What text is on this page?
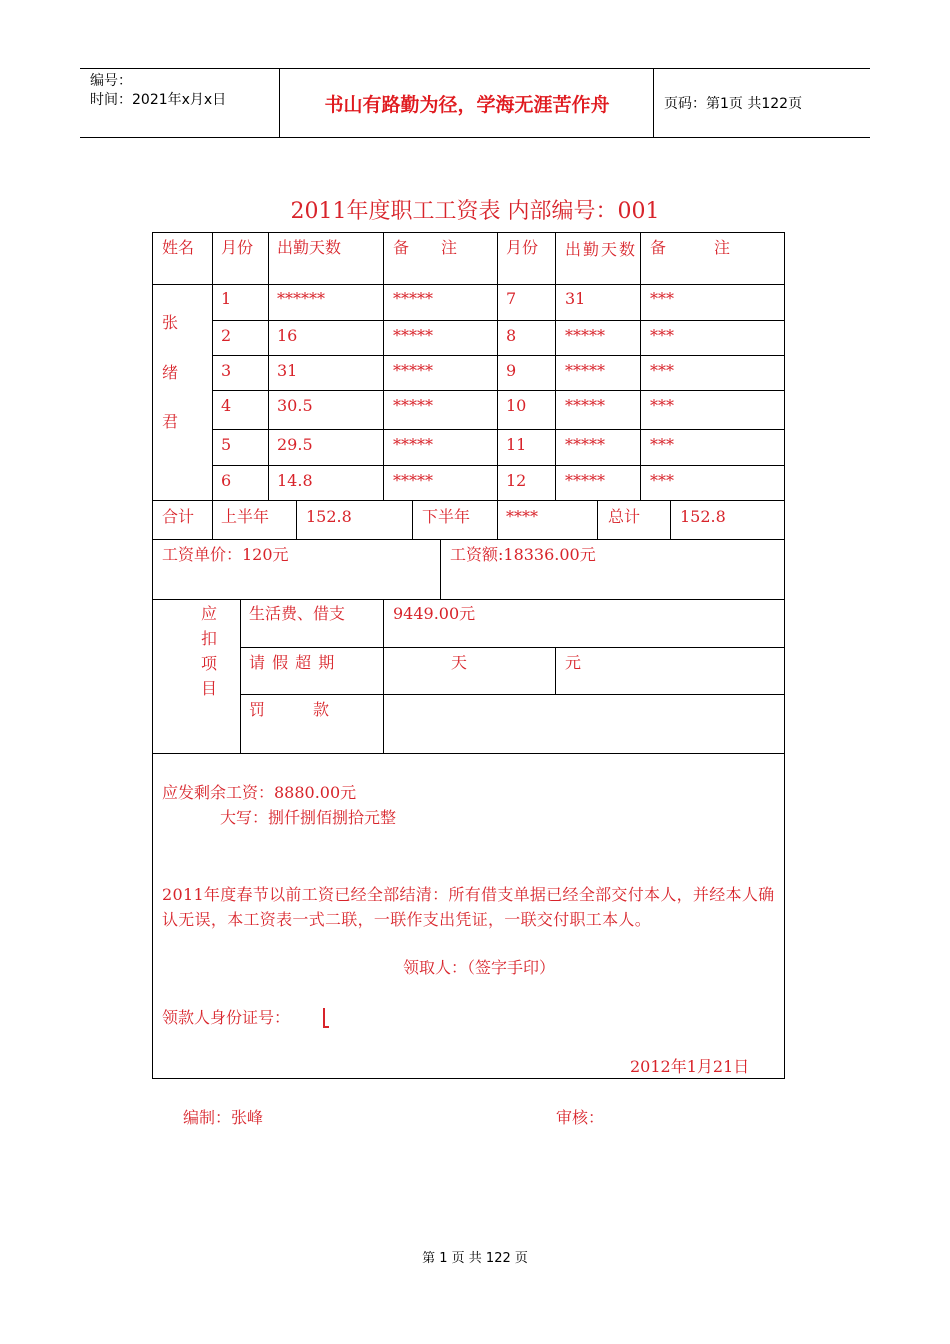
编号：
时间：2021年x月x日	书山有路勤为径，学海无涯苦作舟	页码：第1页 共122页
2011年度职工工资表 内部编号：001
姓名 月份 出勤天数	备　　注	月份 出勤天数 备　　　注
张
绪
君
1	******	*****	7	31	***
2	16	*****	8	*****	***
3	31	*****	9	*****	***
4	30.5	*****	10 *****	***
5	29.5	*****	11 *****	***
6	14.8	*****	12 *****	***
合计 上半年 152.8	下半年 ****	总计 152.8
工资单价：120元	工资额:18336.00元
应
扣
项
目
生活费、借支	9449.00元
请 假 超 期	天	元
罚　　　款
应发剩余工资：8880.00元
大写：捌仟捌佰捌拾元整
2011年度春节以前工资已经全部结清：所有借支单据已经全部交付本人，并经本人确认无误，本工资表一式二联，一联作支出凭证，一联交付职工本人。
领取人：（签字手印）
领款人身份证号：
2012年1月21日
编制：张峰	审核：
第 1 页 共 122 页
